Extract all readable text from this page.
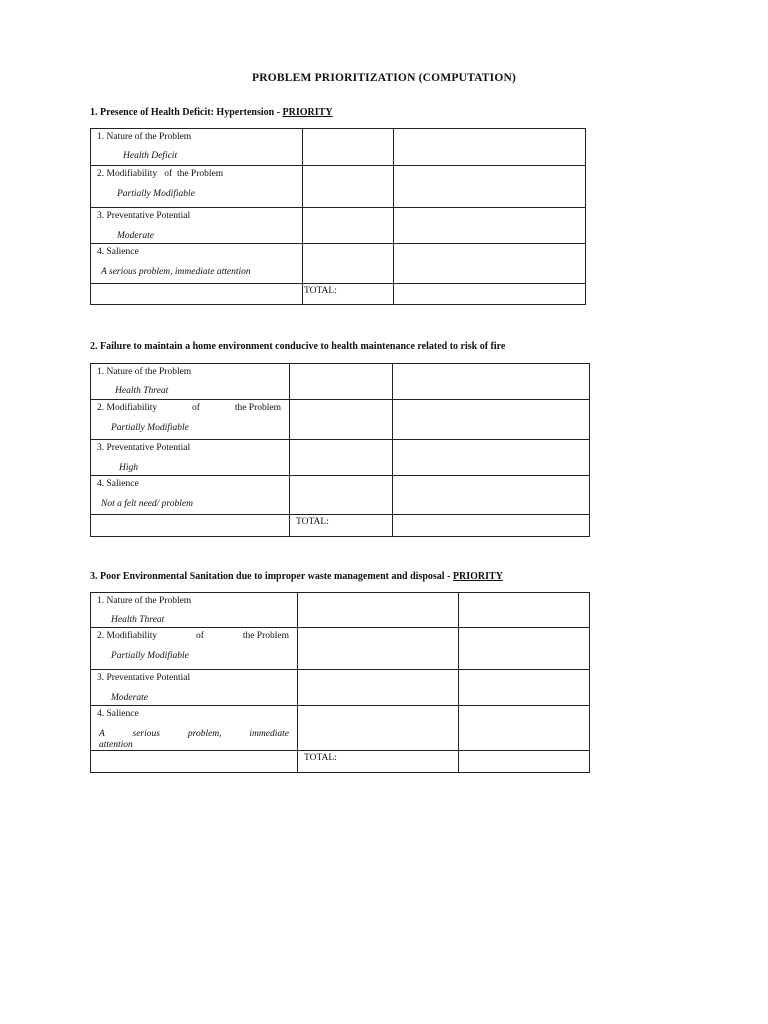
PROBLEM PRIORITIZATION (COMPUTATION)
1. Presence of Health Deficit: Hypertension - PRIORITY
1. Nature of the Problem
Health Deficit		

2. Modifiability   of  the Problem
Partially Modifiable		

3. Preventative Potential
Moderate		

4. Salience
A serious problem, immediate attention		

	TOTAL:	

2. Failure to maintain a home environment conducive to health maintenance related to risk of fire
1. Nature of the Problem
Health Threat		

2. Modifiability of the Problem
Partially Modifiable		

3. Preventative Potential
High		

4. Salience
Not a felt need/ problem		

	TOTAL:	

3. Poor Environmental Sanitation due to improper waste management and disposal - PRIORITY
1. Nature of the Problem
Health Threat		

2. Modifiability of the Problem
Partially Modifiable		

3. Preventative Potential
Moderate		

4. Salience
A serious problem, immediate
attention		

	TOTAL:	
